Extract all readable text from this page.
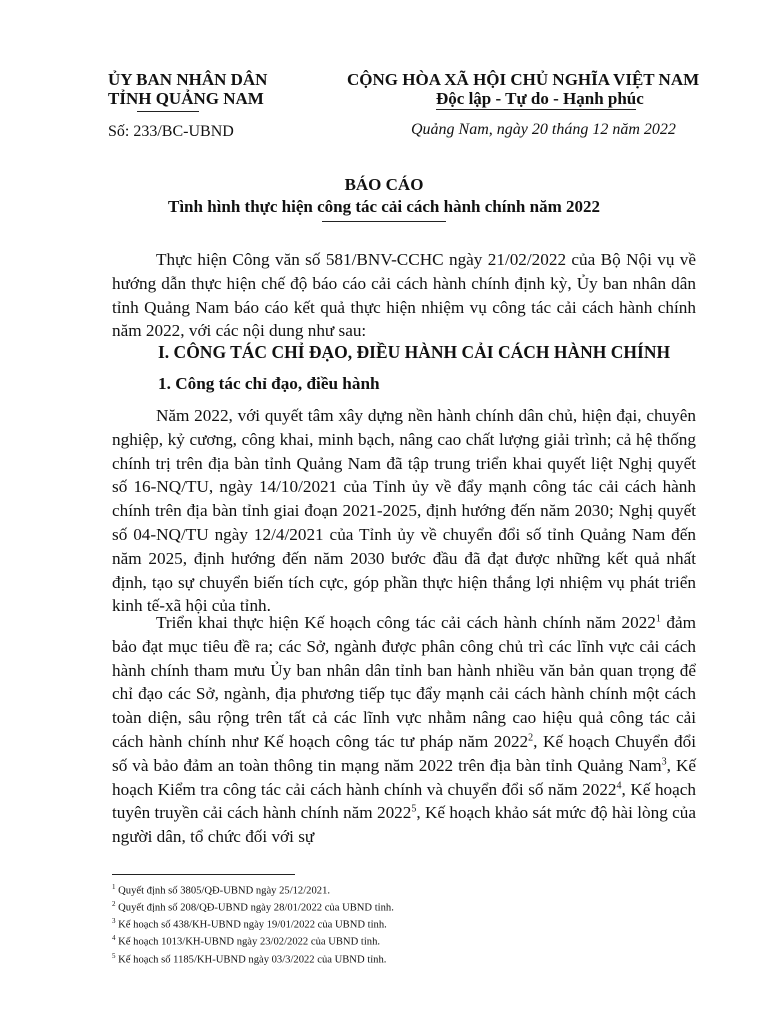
ỦY BAN NHÂN DÂN
TỈNH QUẢNG NAM
CỘNG HÒA XÃ HỘI CHỦ NGHĨA VIỆT NAM
Độc lập - Tự do - Hạnh phúc
Số: 233/BC-UBND	Quảng Nam, ngày 20 tháng 12 năm 2022
BÁO CÁO
Tình hình thực hiện công tác cải cách hành chính năm 2022

Thực hiện Công văn số 581/BNV-CCHC ngày 21/02/2022 của Bộ Nội vụ về hướng dẫn thực hiện chế độ báo cáo cải cách hành chính định kỳ, Ủy ban nhân dân tỉnh Quảng Nam báo cáo kết quả thực hiện nhiệm vụ công tác cải cách hành chính năm 2022, với các nội dung như sau:

I. CÔNG TÁC CHỈ ĐẠO, ĐIỀU HÀNH CẢI CÁCH HÀNH CHÍNH
1. Công tác chỉ đạo, điều hành

Năm 2022, với quyết tâm xây dựng nền hành chính dân chủ, hiện đại, chuyên nghiệp, kỷ cương, công khai, minh bạch, nâng cao chất lượng giải trình; cả hệ thống chính trị trên địa bàn tỉnh Quảng Nam đã tập trung triển khai quyết liệt Nghị quyết số 16-NQ/TU, ngày 14/10/2021 của Tỉnh ủy về đẩy mạnh công tác cải cách hành chính trên địa bàn tỉnh giai đoạn 2021-2025, định hướng đến năm 2030; Nghị quyết số 04-NQ/TU ngày 12/4/2021 của Tỉnh ủy về chuyển đổi số tỉnh Quảng Nam đến năm 2025, định hướng đến năm 2030 bước đầu đã đạt được những kết quả nhất định, tạo sự chuyển biến tích cực, góp phần thực hiện thắng lợi nhiệm vụ phát triển kinh tế-xã hội của tỉnh.

Triển khai thực hiện Kế hoạch công tác cải cách hành chính năm 2022$^1$ đảm bảo đạt mục tiêu đề ra; các Sở, ngành được phân công chủ trì các lĩnh vực cải cách hành chính tham mưu Ủy ban nhân dân tỉnh ban hành nhiều văn bản quan trọng để chỉ đạo các Sở, ngành, địa phương tiếp tục đẩy mạnh cải cách hành chính một cách toàn diện, sâu rộng trên tất cả các lĩnh vực nhằm nâng cao hiệu quả công tác cải cách hành chính như Kế hoạch công tác tư pháp năm 2022$^2$, Kế hoạch Chuyển đổi số và bảo đảm an toàn thông tin mạng năm 2022 trên địa bàn tỉnh Quảng Nam$^3$, Kế hoạch Kiểm tra công tác cải cách hành chính và chuyển đổi số năm 2022$^4$, Kế hoạch tuyên truyền cải cách hành chính năm 2022$^5$, Kế hoạch khảo sát mức độ hài lòng của người dân, tổ chức đối với sự

$^1$ Quyết định số 3805/QĐ-UBND ngày 25/12/2021.
$^2$ Quyết định số 208/QĐ-UBND ngày 28/01/2022 của UBND tỉnh.
$^3$ Kế hoạch số 438/KH-UBND ngày 19/01/2022 của UBND tỉnh.
$^4$ Kế hoạch 1013/KH-UBND ngày 23/02/2022 của UBND tỉnh.
$^5$ Kế hoạch số 1185/KH-UBND ngày 03/3/2022 của UBND tỉnh.
